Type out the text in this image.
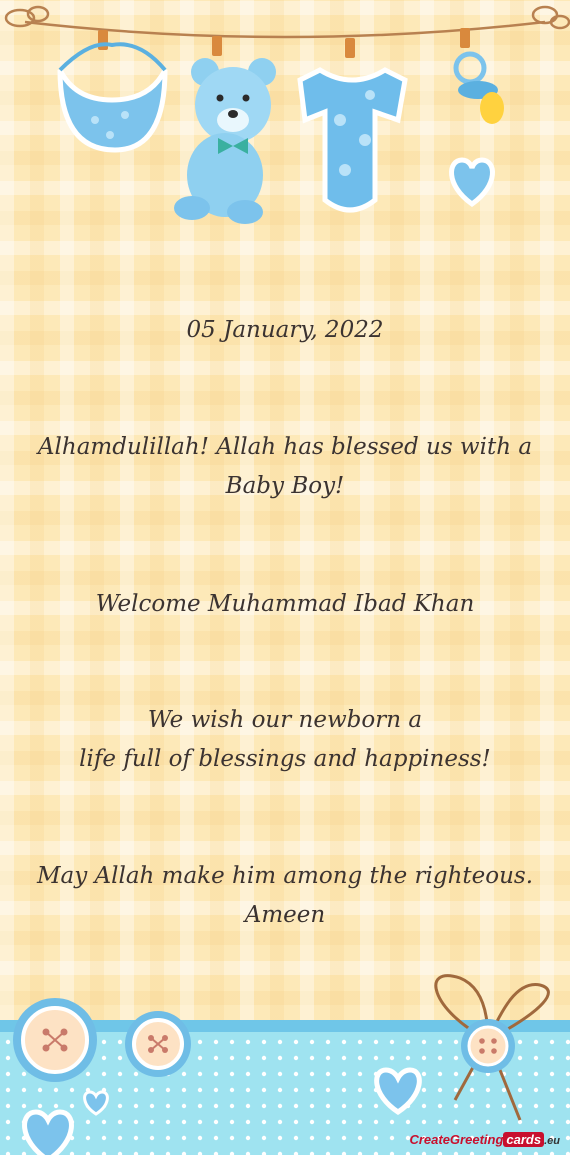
05 January, 2022

Alhamdulillah! Allah has blessed us with a

Baby Boy!

Welcome Muhammad Ibad Khan

We wish our newborn a

life full of blessings and happiness!

May Allah make him among the righteous.

Ameen

CreateGreeting cards .eu
